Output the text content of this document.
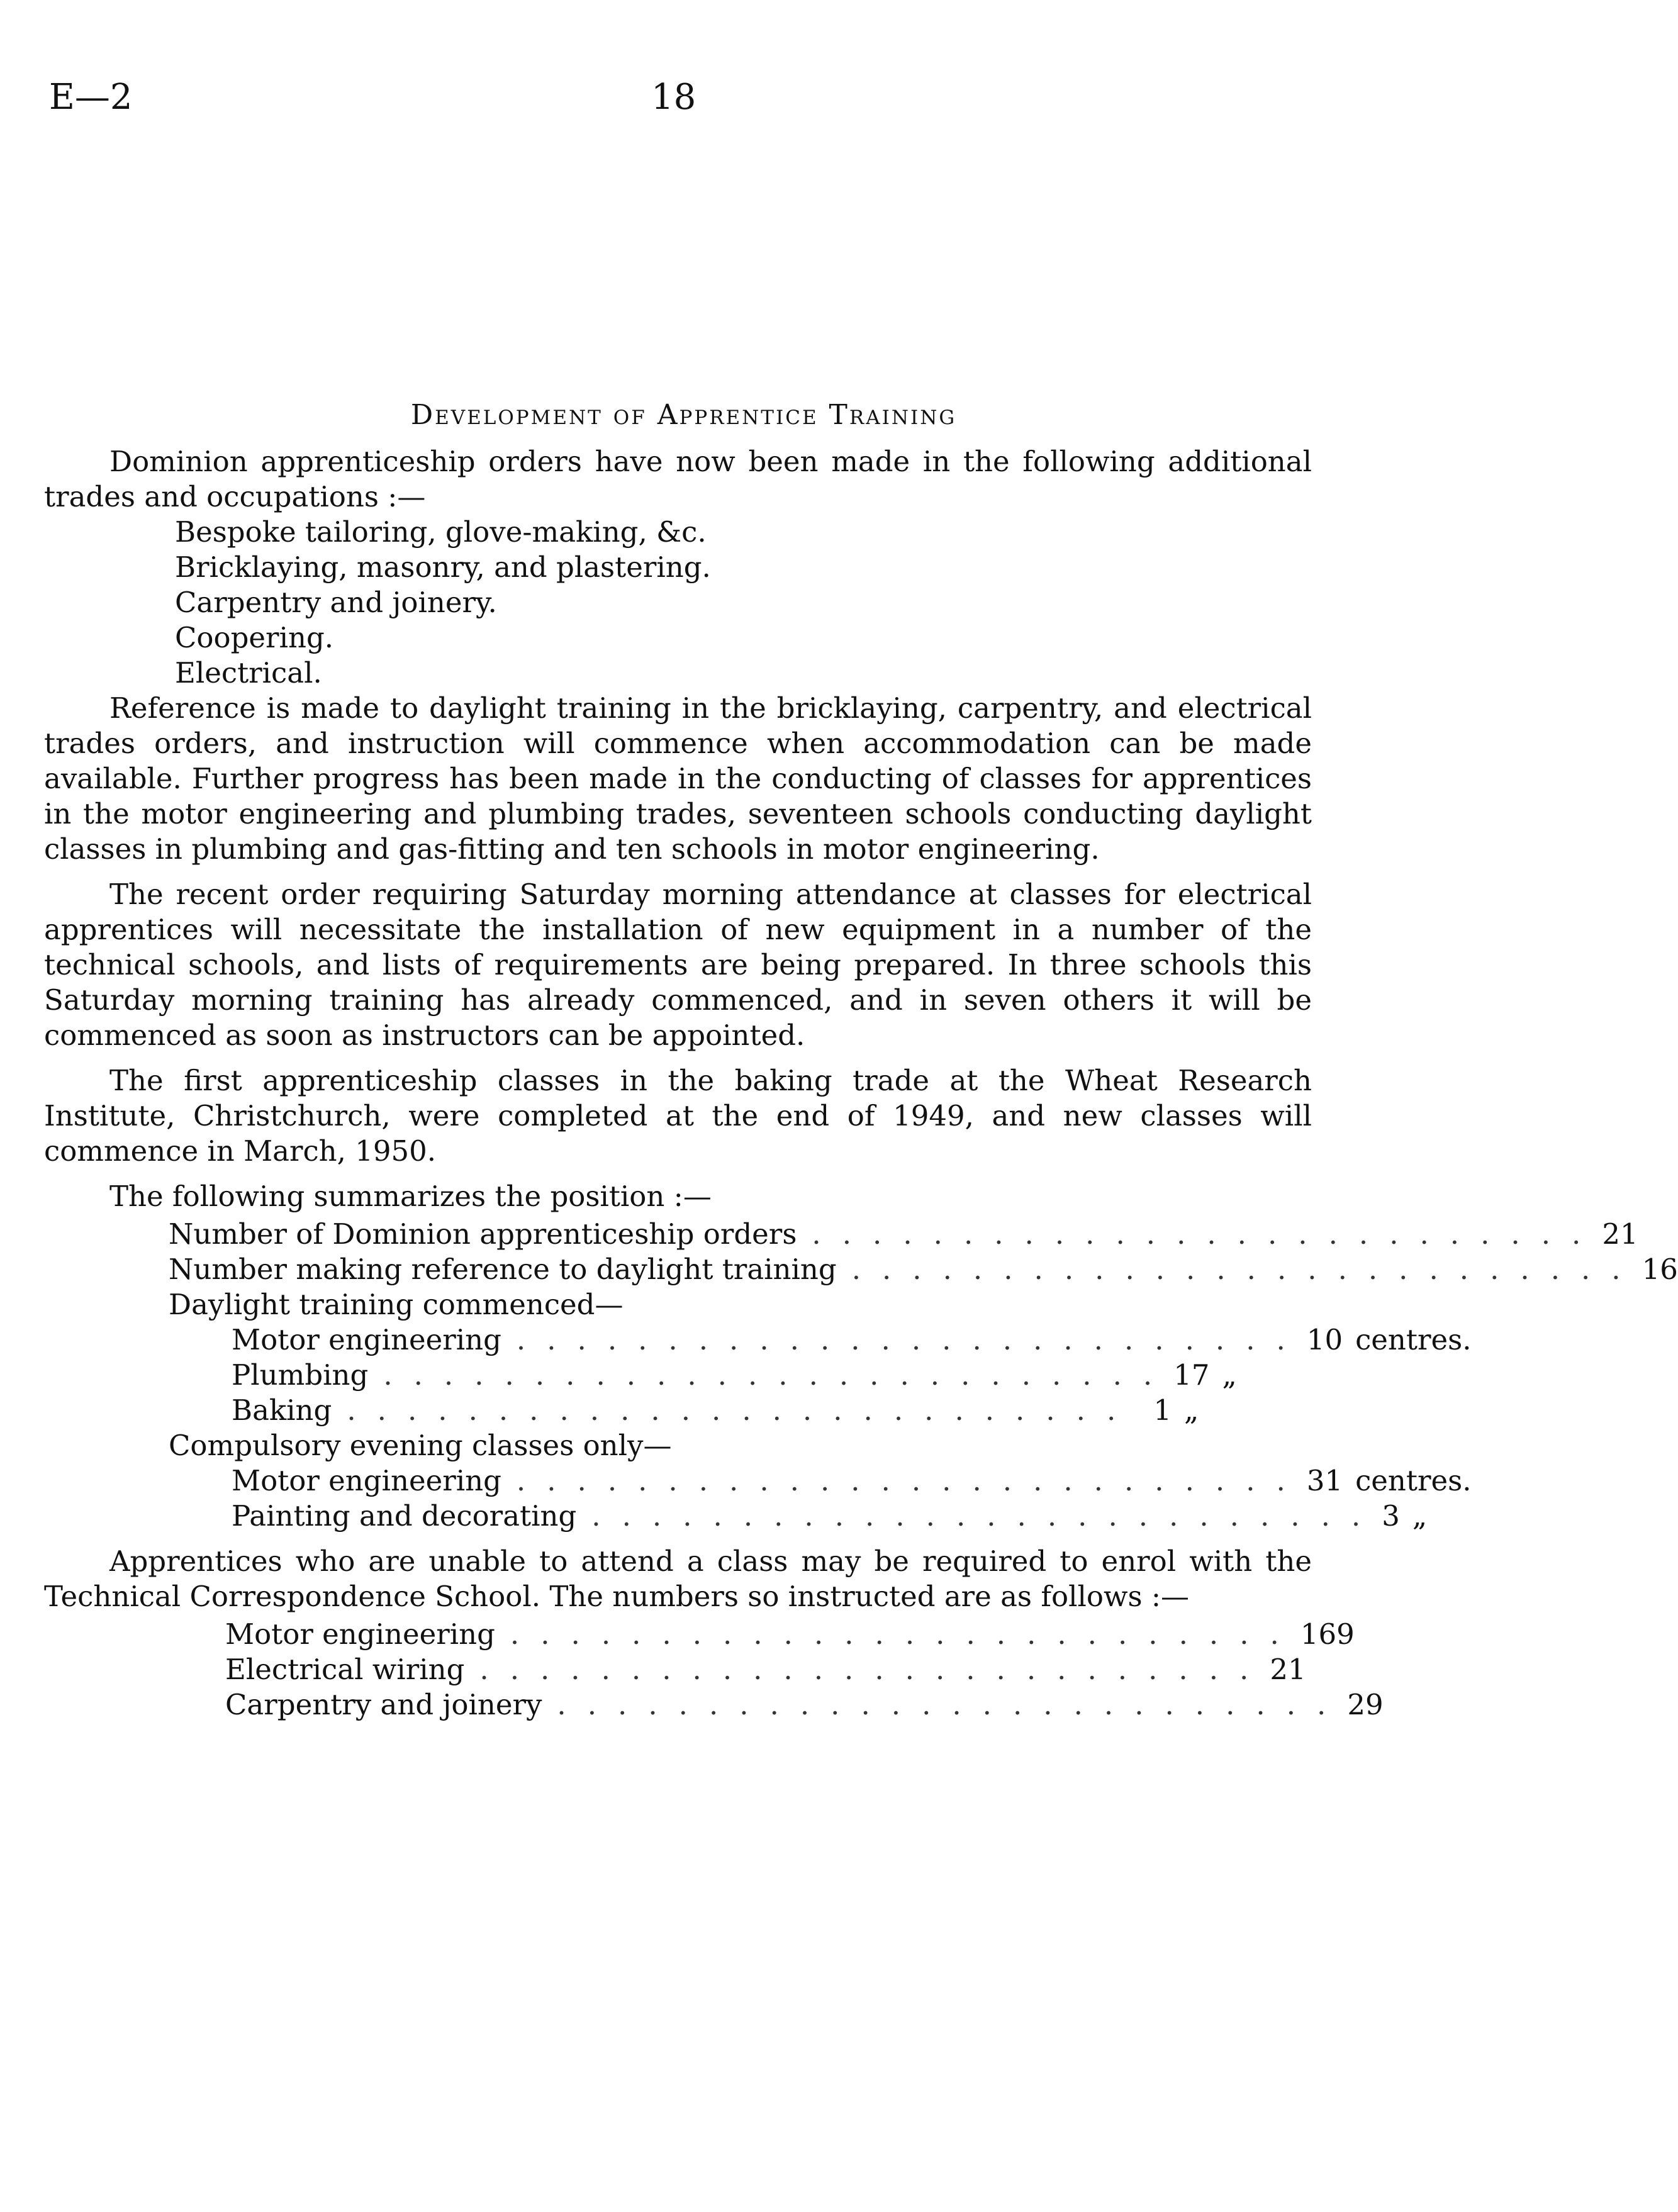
E—2	18
Development of Apprentice Training

Dominion apprenticeship orders have now been made in the following additional trades and occupations :—

Bespoke tailoring, glove-making, &c.
Bricklaying, masonry, and plastering.
Carpentry and joinery.
Coopering.
Electrical.

Reference is made to daylight training in the bricklaying, carpentry, and electrical trades orders, and instruction will commence when accommodation can be made available. Further progress has been made in the conducting of classes for apprentices in the motor engineering and plumbing trades, seventeen schools conducting daylight classes in plumbing and gas-fitting and ten schools in motor engineering.

The recent order requiring Saturday morning attendance at classes for electrical apprentices will necessitate the installation of new equipment in a number of the technical schools, and lists of requirements are being prepared. In three schools this Saturday morning training has already commenced, and in seven others it will be commenced as soon as instructors can be appointed.

The first apprenticeship classes in the baking trade at the Wheat Research Institute, Christchurch, were completed at the end of 1949, and new classes will commence in March, 1950.

The following summarizes the position :—

Number of Dominion apprenticeship orders .......................... 21
Number making reference to daylight training .......................... 16
Daylight training commenced—
Motor engineering .......................... 10 centres.
Plumbing .......................... 17 „
Baking .......................... 1 „
Compulsory evening classes only—
Motor engineering .......................... 31 centres.
Painting and decorating .......................... 3 „

Apprentices who are unable to attend a class may be required to enrol with the Technical Correspondence School. The numbers so instructed are as follows :—

Motor engineering .......................... 169
Electrical wiring .......................... 21
Carpentry and joinery .......................... 29
